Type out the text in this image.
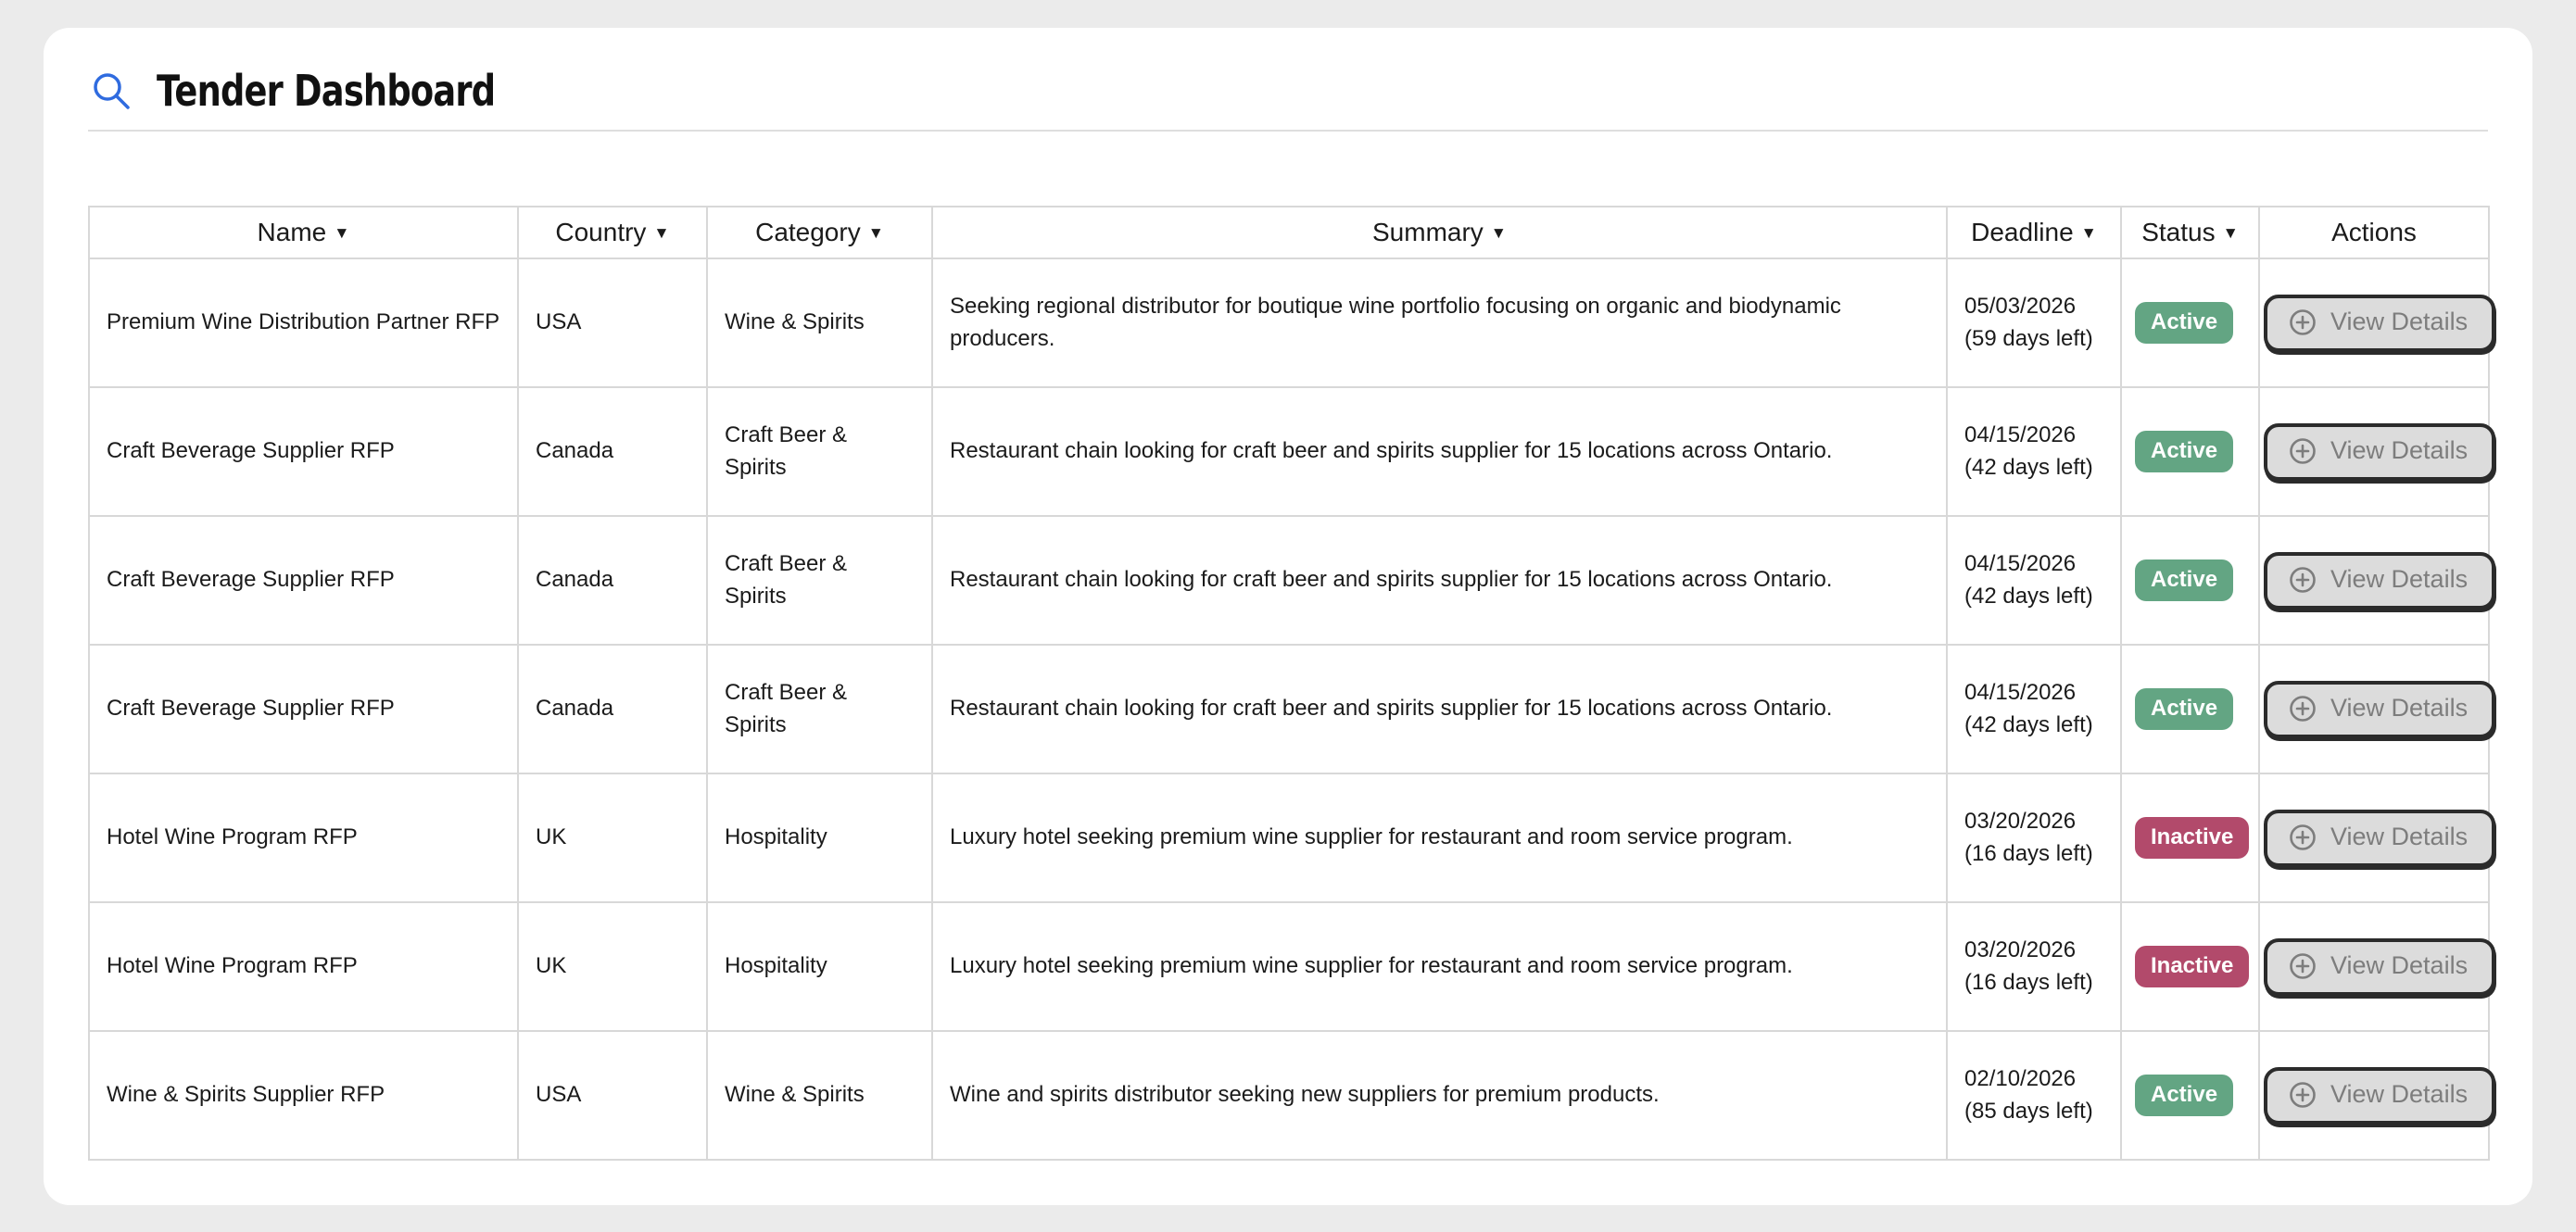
Tender Dashboard
Name ▼	Country ▼	Category ▼	Summary ▼	Deadline ▼	Status ▼	Actions
Premium Wine Distribution Partner RFP	USA	Wine & Spirits	Seeking regional distributor for boutique wine portfolio focusing on organic and biodynamic producers.	05/03/2026 (59 days left)	Active	View Details

Craft Beverage Supplier RFP	Canada	Craft Beer & Spirits	Restaurant chain looking for craft beer and spirits supplier for 15 locations across Ontario.	04/15/2026 (42 days left)	Active	View Details

Craft Beverage Supplier RFP	Canada	Craft Beer & Spirits	Restaurant chain looking for craft beer and spirits supplier for 15 locations across Ontario.	04/15/2026 (42 days left)	Active	View Details

Craft Beverage Supplier RFP	Canada	Craft Beer & Spirits	Restaurant chain looking for craft beer and spirits supplier for 15 locations across Ontario.	04/15/2026 (42 days left)	Active	View Details

Hotel Wine Program RFP	UK	Hospitality	Luxury hotel seeking premium wine supplier for restaurant and room service program.	03/20/2026 (16 days left)	Inactive	View Details

Hotel Wine Program RFP	UK	Hospitality	Luxury hotel seeking premium wine supplier for restaurant and room service program.	03/20/2026 (16 days left)	Inactive	View Details

Wine & Spirits Supplier RFP	USA	Wine & Spirits	Wine and spirits distributor seeking new suppliers for premium products.	02/10/2026 (85 days left)	Active	View Details
